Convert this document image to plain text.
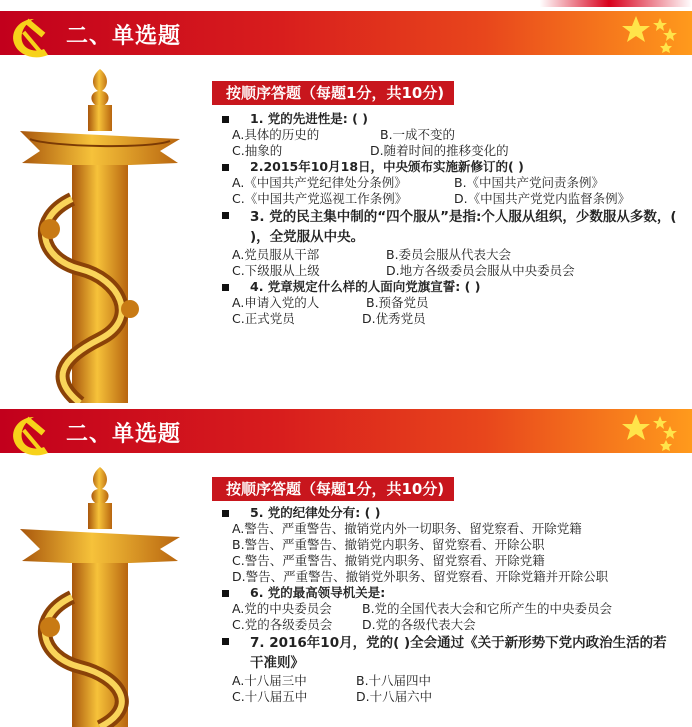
二、单选题
按顺序答题（每题1分，共10分)
1. 党的先进性是: ( )
A.具体的历史的	B.一成不变的
C.抽象的	D.随着时间的推移变化的
2.2015年10月18日，中央颁布实施新修订的( )
A.《中国共产党纪律处分条例》	B.《中国共产党问责条例》
C.《中国共产党巡视工作条例》	D.《中国共产党党内监督条例》
3. 党的民主集中制的“四个服从”是指:个人服从组织，少数服从多数，( )，全党服从中央。
A.党员服从干部	B.委员会服从代表大会
C.下级服从上级	D.地方各级委员会服从中央委员会
4. 党章规定什么样的人面向党旗宣誓: ( )
A.申请入党的人	B.预备党员
C.正式党员	D.优秀党员
二、单选题
按顺序答题（每题1分，共10分)
5. 党的纪律处分有: ( )
A.警告、严重警告、撤销党内外一切职务、留党察看、开除党籍
B.警告、严重警告、撤销党内职务、留党察看、开除公职
C.警告、严重警告、撤销党内职务、留党察看、开除党籍
D.警告、严重警告、撤销党外职务、留党察看、开除党籍并开除公职
6. 党的最高领导机关是:
A.党的中央委员会	B.党的全国代表大会和它所产生的中央委员会
C.党的各级委员会	D.党的各级代表大会
7. 2016年10月，党的( )全会通过《关于新形势下党内政治生活的若干准则》
A.十八届三中	B.十八届四中
C.十八届五中	D.十八届六中
